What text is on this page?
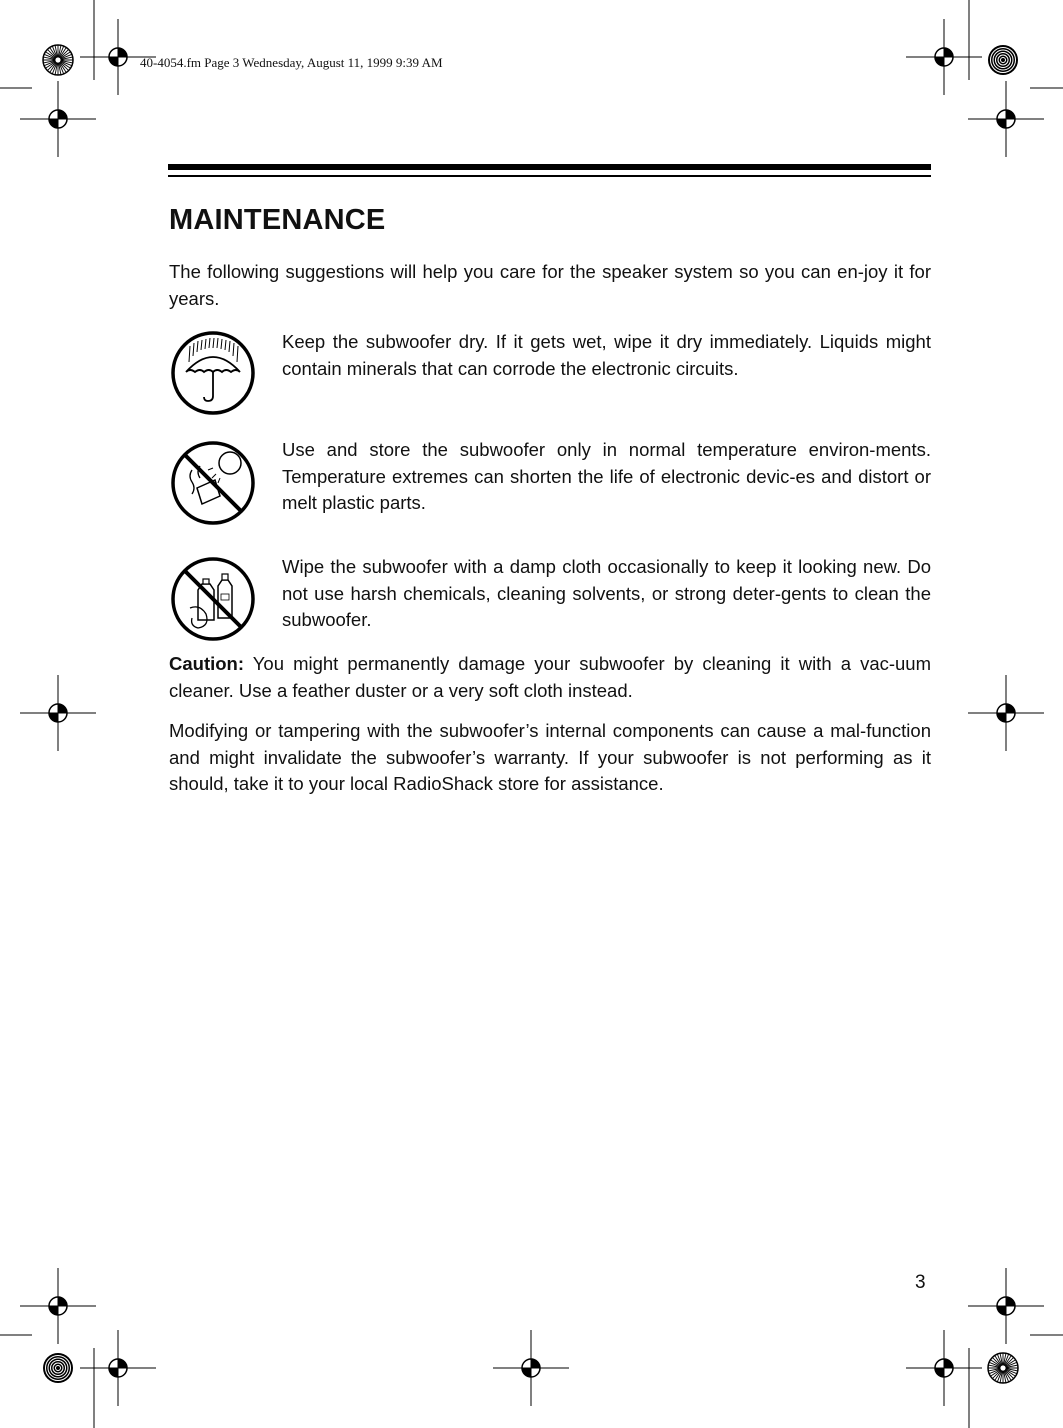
40-4054.fm Page 3 Wednesday, August 11, 1999 9:39 AM
MAINTENANCE

The following suggestions will help you care for the speaker system so you can en-joy it for years.

Keep the subwoofer dry. If it gets wet, wipe it dry immediately. Liquids might contain minerals that can corrode the electronic circuits.

Use and store the subwoofer only in normal temperature environ-ments. Temperature extremes can shorten the life of electronic devic-es and distort or melt plastic parts.

Wipe the subwoofer with a damp cloth occasionally to keep it looking new. Do not use harsh chemicals, cleaning solvents, or strong deter-gents to clean the subwoofer.

Caution: You might permanently damage your subwoofer by cleaning it with a vac-uum cleaner. Use a feather duster or a very soft cloth instead.

Modifying or tampering with the subwoofer’s internal components can cause a mal-function and might invalidate the subwoofer’s warranty. If your subwoofer is not performing as it should, take it to your local RadioShack store for assistance.

3
